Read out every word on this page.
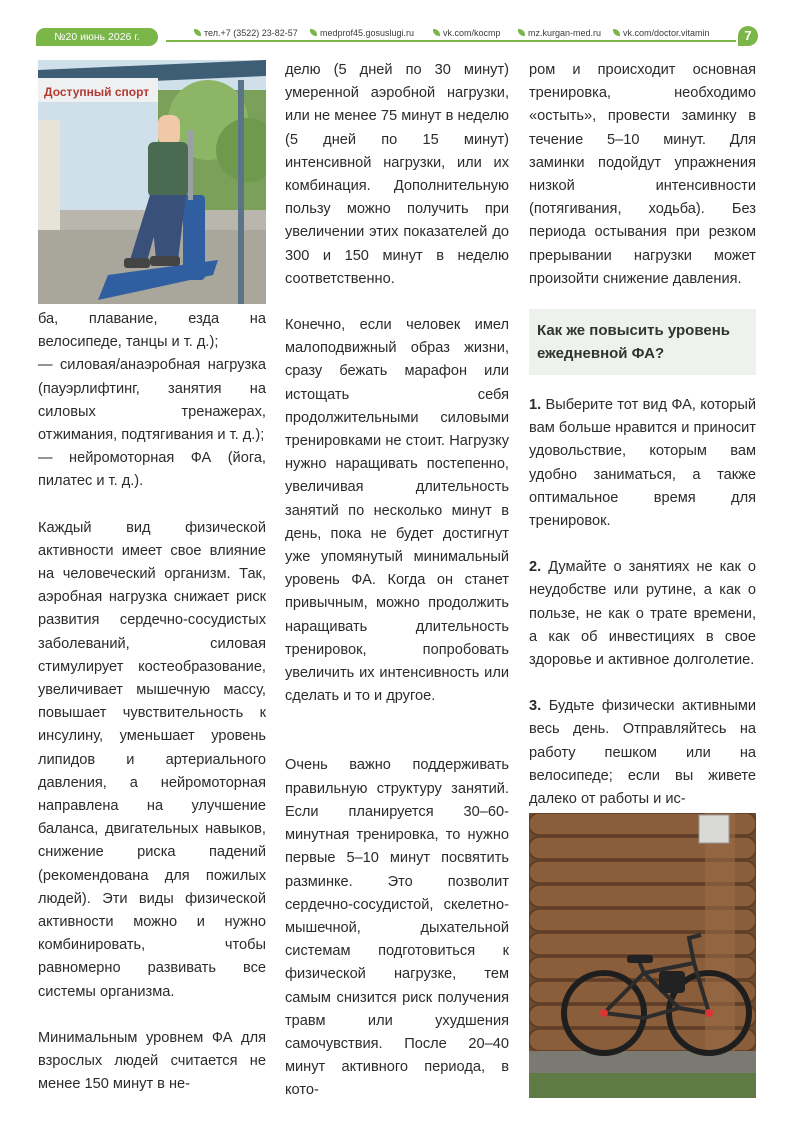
№20 июнь 2026 г.	тел.+7 (3522) 23-82-57	medprof45.gosuslugi.ru	vk.com/kocmp	mz.kurgan-med.ru	vk.com/doctor.vitamin	7
Доступный спорт

ба, плавание, езда на велосипеде, танцы и т. д.);

— силовая/анаэробная нагрузка (пауэрлифтинг, занятия на силовых тренажерах, отжимания, подтягивания и т. д.);

— нейромоторная ФА (йога, пилатес и т. д.).

Каждый вид физической активности имеет свое влияние на человеческий организм. Так, аэробная нагрузка снижает риск развития сердечно-сосудистых заболеваний, силовая стимулирует костеобразование, увеличивает мышечную массу, повышает чувствительность к инсулину, уменьшает уровень липидов и артериального давления, а нейромоторная направлена на улучшение баланса, двигательных навыков, снижение риска падений (рекомендована для пожилых людей). Эти виды физической активности можно и нужно комбинировать, чтобы равномерно развивать все системы организма.

Минимальным уровнем ФА для взрослых людей считается не менее 150 минут в не-

делю (5 дней по 30 минут) умеренной аэробной нагрузки, или не менее 75 минут в неделю (5 дней по 15 минут) интенсивной нагрузки, или их комбинация. Дополнительную пользу можно получить при увеличении этих показателей до 300 и 150 минут в неделю соответственно.

Конечно, если человек имел малоподвижный образ жизни, сразу бежать марафон или истощать себя продолжительными силовыми тренировками не стоит. Нагрузку нужно наращивать постепенно, увеличивая длительность занятий по несколько минут в день, пока не будет достигнут уже упомянутый минимальный уровень ФА. Когда он станет привычным, можно продолжить наращивать длительность тренировок, попробовать увеличить их интенсивность или сделать и то и другое.

Очень важно поддерживать правильную структуру занятий. Если планируется 30–60-минутная тренировка, то нужно первые 5–10 минут посвятить разминке. Это позволит сердечно-сосудистой, скелетно-мышечной, дыхательной системам подготовиться к физической нагрузке, тем самым снизится риск получения травм или ухудшения самочувствия. После 20–40 минут активного периода, в кото-

ром и происходит основная тренировка, необходимо «остыть», провести заминку в течение 5–10 минут. Для заминки подойдут упражнения низкой интенсивности (потягивания, ходьба). Без периода остывания при резком прерывании нагрузки может произойти снижение давления.

Как же повысить уровень ежедневной ФА?

1. Выберите тот вид ФА, который вам больше нравится и приносит удовольствие, которым вам удобно заниматься, а также оптимальное время для тренировок.

2. Думайте о занятиях не как о неудобстве или рутине, а как о пользе, не как о трате времени, а как об инвестициях в свое здоровье и активное долголетие.

3. Будьте физически активными весь день. Отправляйтесь на работу пешком или на велосипеде; если вы живете далеко от работы и ис-
